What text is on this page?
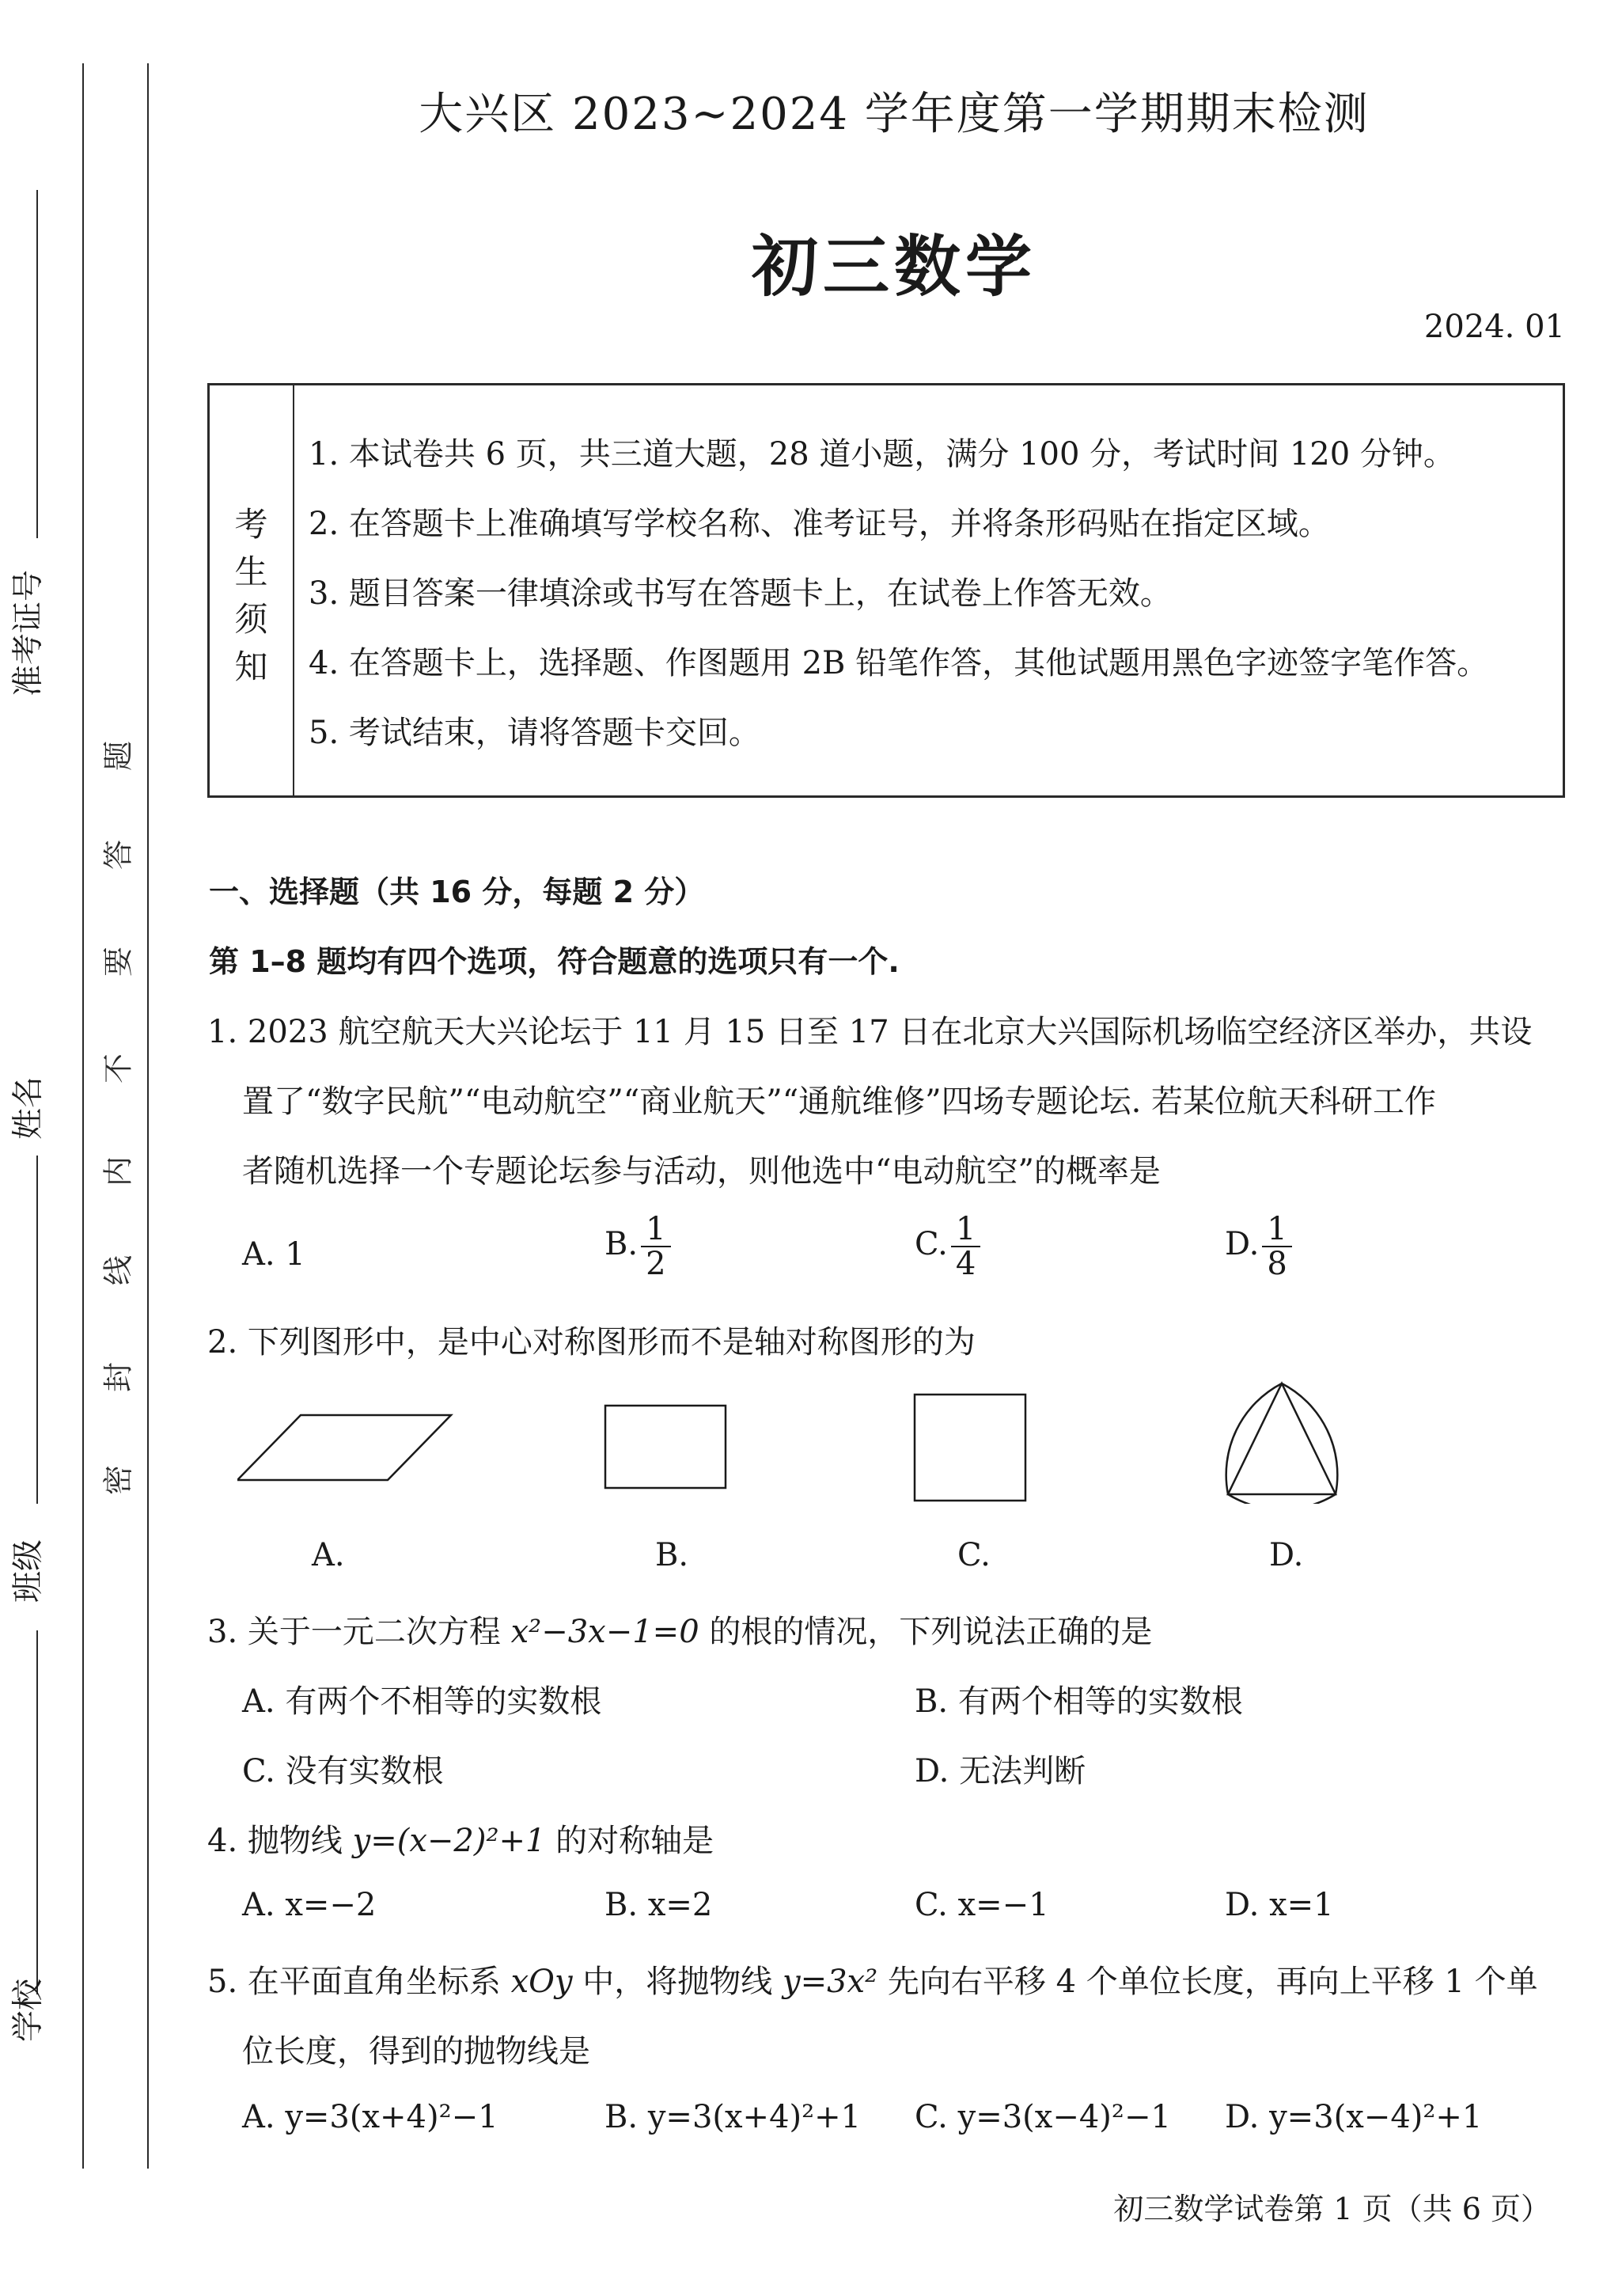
准考证号
姓名
班级
学校
题
答
要
不
内
线
封
密
大兴区 2023~2024 学年度第一学期期末检测
初三数学
2024. 01
考
生
须
知
1. 本试卷共 6 页，共三道大题，28 道小题，满分 100 分，考试时间 120 分钟。
2. 在答题卡上准确填写学校名称、准考证号，并将条形码贴在指定区域。
3. 题目答案一律填涂或书写在答题卡上，在试卷上作答无效。
4. 在答题卡上，选择题、作图题用 2B 铅笔作答，其他试题用黑色字迹签字笔作答。
5. 考试结束，请将答题卡交回。
一、选择题（共 16 分，每题 2 分）
第 1–8 题均有四个选项，符合题意的选项只有一个.
1. 2023 航空航天大兴论坛于 11 月 15 日至 17 日在北京大兴国际机场临空经济区举办，共设
置了“数字民航”“电动航空”“商业航天”“通航维修”四场专题论坛. 若某位航天科研工作
者随机选择一个专题论坛参与活动，则他选中“电动航空”的概率是
A. 1	B. $\frac{1}{2}$	C. $\frac{1}{4}$	D. $\frac{1}{8}$
2. 下列图形中，是中心对称图形而不是轴对称图形的为
A.	B.	C.	D.
3. 关于一元二次方程 x²−3x−1=0 的根的情况，下列说法正确的是
A. 有两个不相等的实数根	B. 有两个相等的实数根
C. 没有实数根	D. 无法判断
4. 抛物线 y=(x−2)²+1 的对称轴是
A. x=−2	B. x=2	C. x=−1	D. x=1
5. 在平面直角坐标系 xOy 中，将抛物线 y=3x² 先向右平移 4 个单位长度，再向上平移 1 个单
位长度，得到的抛物线是
A. y=3(x+4)²−1	B. y=3(x+4)²+1 C. y=3(x−4)²−1 D. y=3(x−4)²+1
初三数学试卷第 1 页（共 6 页）
